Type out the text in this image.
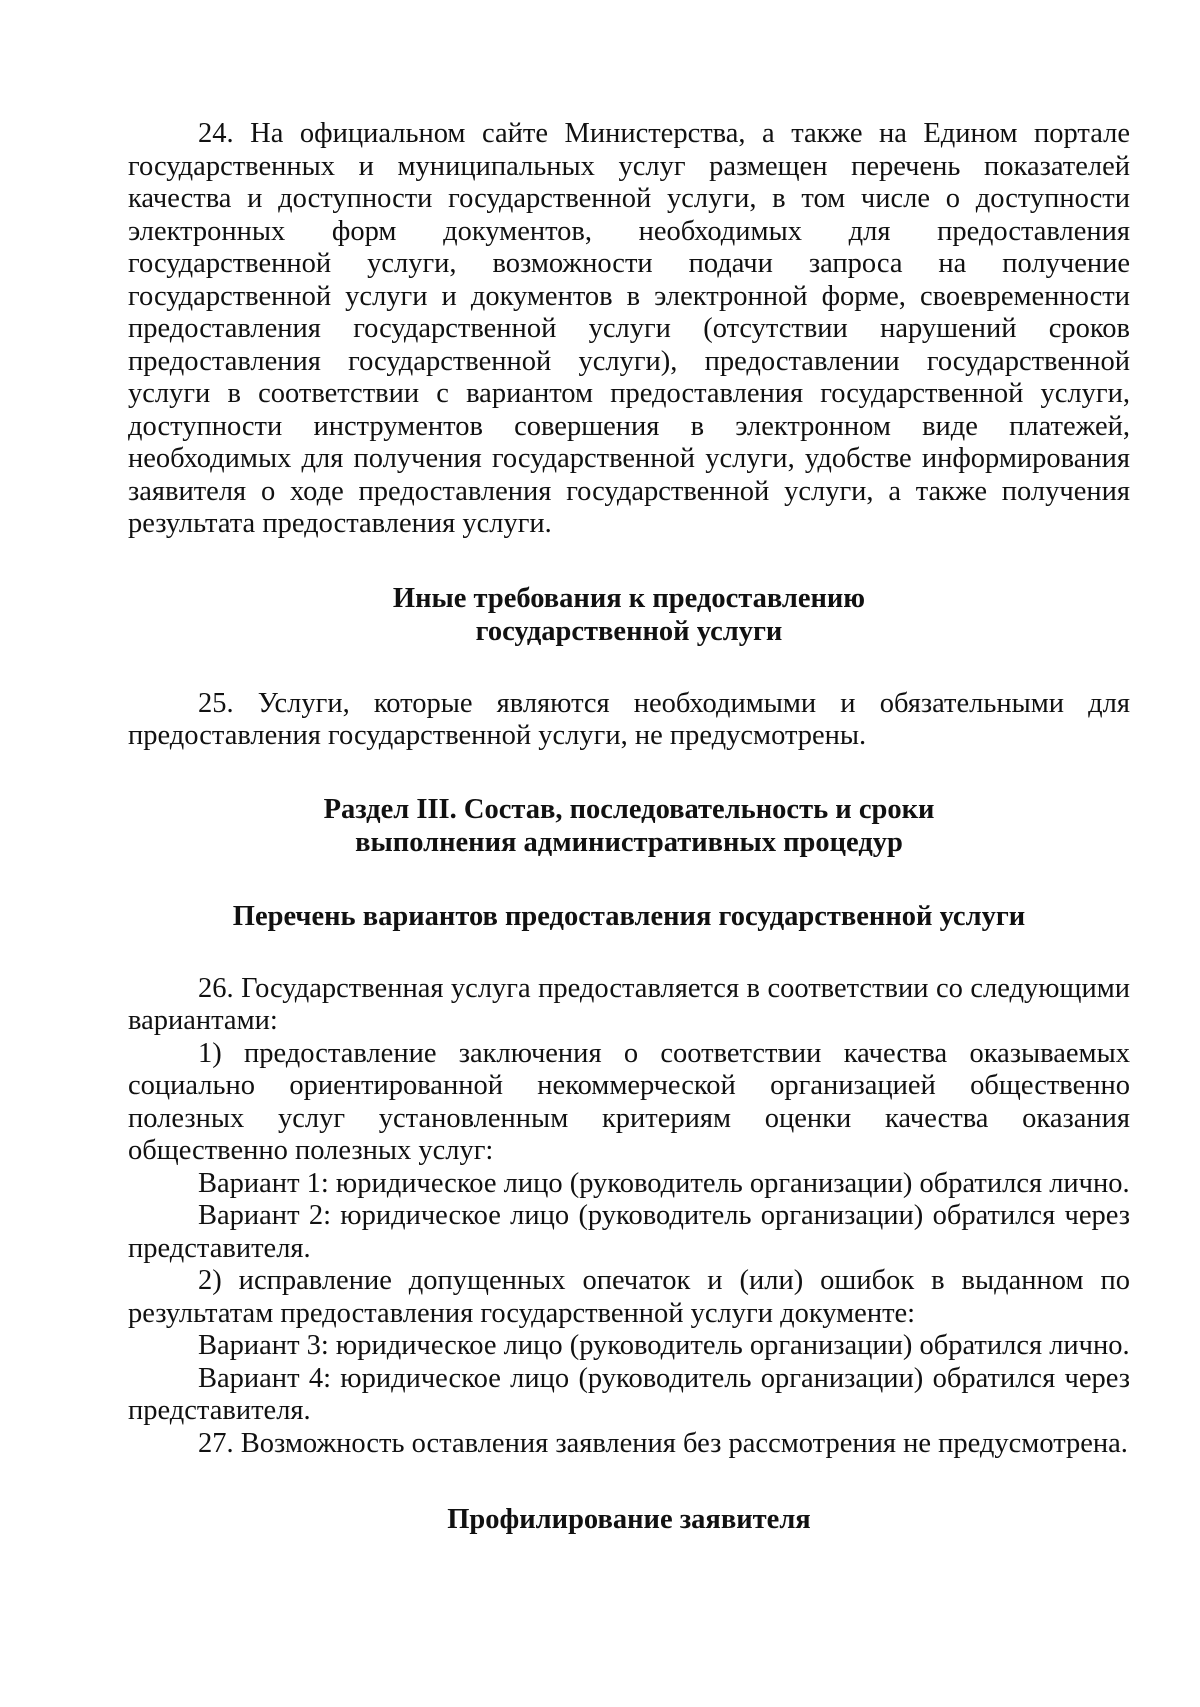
24. На официальном сайте Министерства, а также на Едином портале государственных и муниципальных услуг размещен перечень показателей качества и доступности государственной услуги, в том числе о доступности электронных форм документов, необходимых для предоставления государственной услуги, возможности подачи запроса на получение государственной услуги и документов в электронной форме, своевременности предоставления государственной услуги (отсутствии нарушений сроков предоставления государственной услуги), предоставлении государственной услуги в соответствии с вариантом предоставления государственной услуги, доступности инструментов совершения в электронном виде платежей, необходимых для получения государственной услуги, удобстве информирования заявителя о ходе предоставления государственной услуги, а также получения результата предоставления услуги.

Иные требования к предоставлению
государственной услуги

25. Услуги, которые являются необходимыми и обязательными для предоставления государственной услуги, не предусмотрены.

Раздел III. Состав, последовательность и сроки
выполнения административных процедур
Перечень вариантов предоставления государственной услуги

26. Государственная услуга предоставляется в соответствии со следующими вариантами:

1) предоставление заключения о соответствии качества оказываемых социально ориентированной некоммерческой организацией общественно полезных услуг установленным критериям оценки качества оказания общественно полезных услуг:

Вариант 1: юридическое лицо (руководитель организации) обратился лично.

Вариант 2: юридическое лицо (руководитель организации) обратился через представителя.

2) исправление допущенных опечаток и (или) ошибок в выданном по результатам предоставления государственной услуги документе:

Вариант 3: юридическое лицо (руководитель организации) обратился лично.

Вариант 4: юридическое лицо (руководитель организации) обратился через представителя.

27. Возможность оставления заявления без рассмотрения не предусмотрена.

Профилирование заявителя
